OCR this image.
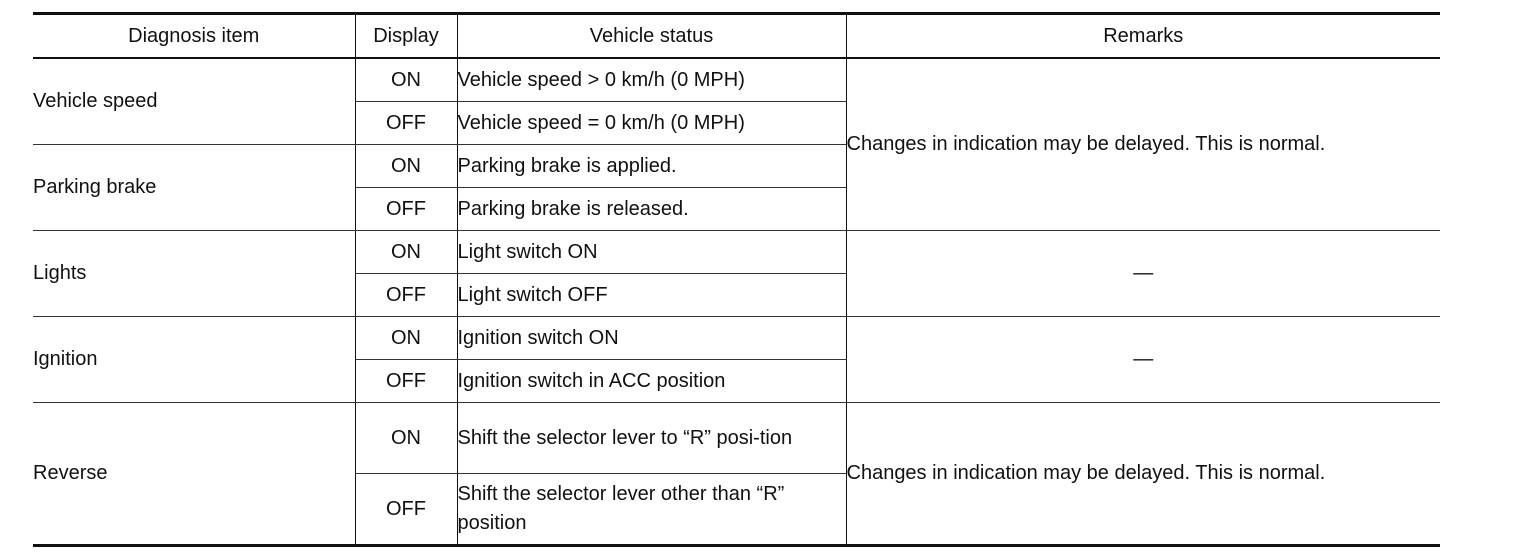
Diagnosis item	Display	Vehicle status	Remarks
Vehicle speed	ON	Vehicle speed > 0 km/h (0 MPH)	Changes in indication may be delayed. This is normal.
	OFF	Vehicle speed = 0 km/h (0 MPH)	
Parking brake	ON	Parking brake is applied.	
	OFF	Parking brake is released.	
Lights	ON	Light switch ON	—
	OFF	Light switch OFF	
Ignition	ON	Ignition switch ON	—
	OFF	Ignition switch in ACC position	
Reverse	ON	Shift the selector lever to “R” posi-tion	Changes in indication may be delayed. This is normal.
	OFF	Shift the selector lever other than “R” position	
